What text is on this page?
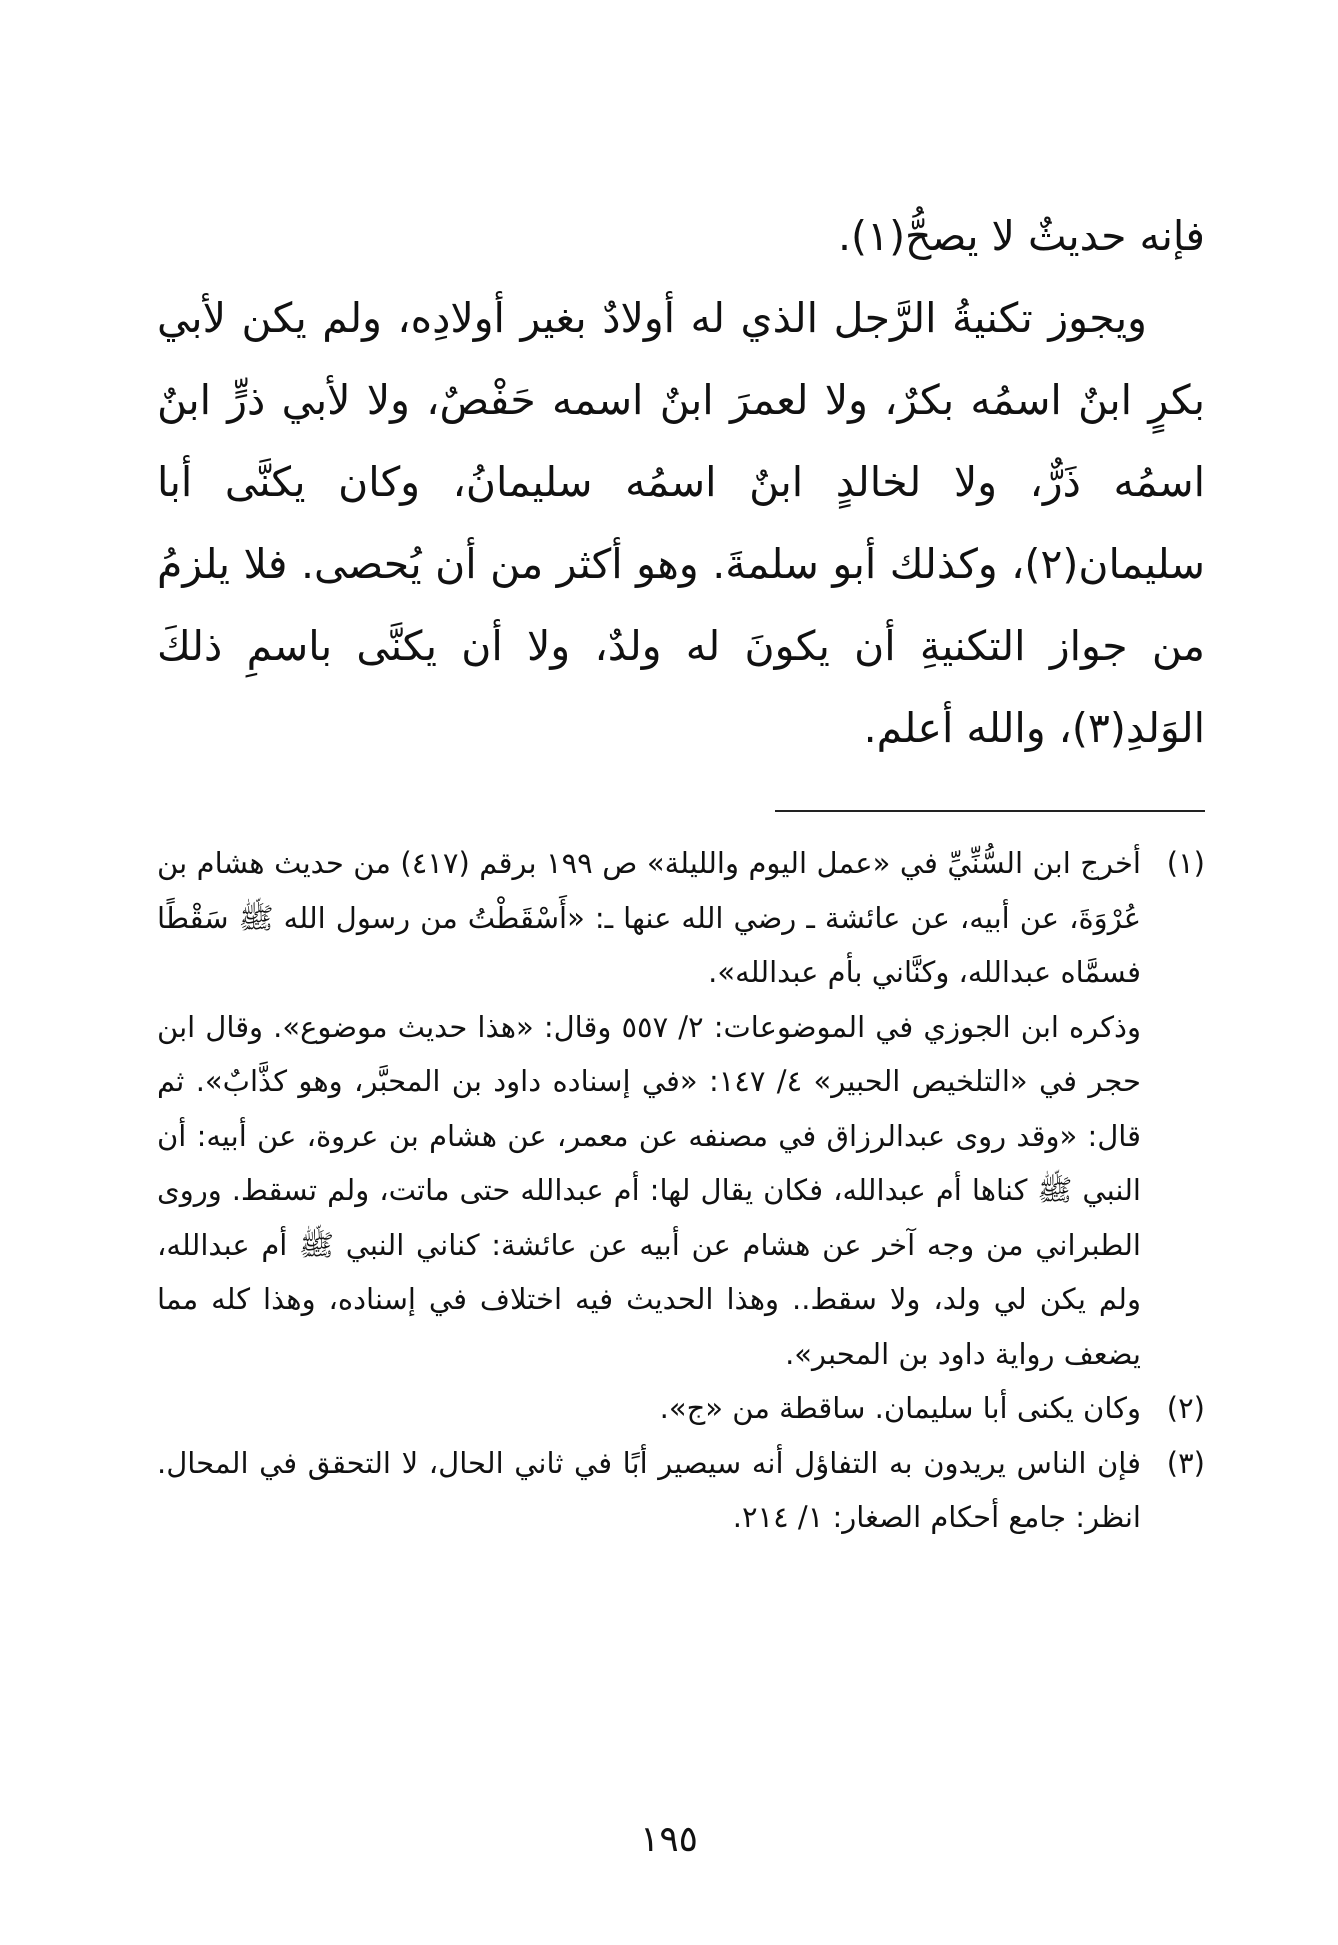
فإنه حديثٌ لا يصحُّ(١).

ويجوز تكنيةُ الرَّجل الذي له أولادٌ بغير أولادِه، ولم يكن لأبي بكرٍ ابنٌ اسمُه بكرٌ، ولا لعمرَ ابنٌ اسمه حَفْصٌ، ولا لأبي ذرٍّ ابنٌ اسمُه ذَرٌّ، ولا لخالدٍ ابنٌ اسمُه سليمانُ، وكان يكنَّى أبا سليمان(٢)، وكذلك أبو سلمةَ. وهو أكثر من أن يُحصى. فلا يلزمُ من جواز التكنيةِ أن يكونَ له ولدٌ، ولا أن يكنَّى باسمِ ذلكَ الوَلدِ(٣)، والله أعلم.

(١)

أخرج ابن السُّنِّيِّ في «عمل اليوم والليلة» ص ١٩٩ برقم (٤١٧) من حديث هشام بن عُرْوَةَ، عن أبيه، عن عائشة ـ رضي الله عنها ـ: «أَسْقَطْتُ من رسول الله ﷺ سَقْطًا فسمَّاه عبدالله، وكنَّاني بأم عبدالله».

وذكره ابن الجوزي في الموضوعات: ٢/ ٥٥٧ وقال: «هذا حديث موضوع». وقال ابن حجر في «التلخيص الحبير» ٤/ ١٤٧: «في إسناده داود بن المحبَّر، وهو كذَّابٌ». ثم قال: «وقد روى عبدالرزاق في مصنفه عن معمر، عن هشام بن عروة، عن أبيه: أن النبي ﷺ كناها أم عبدالله، فكان يقال لها: أم عبدالله حتى ماتت، ولم تسقط. وروى الطبراني من وجه آخر عن هشام عن أبيه عن عائشة: كناني النبي ﷺ أم عبدالله، ولم يكن لي ولد، ولا سقط.. وهذا الحديث فيه اختلاف في إسناده، وهذا كله مما يضعف رواية داود بن المحبر».

(٢)

وكان يكنى أبا سليمان. ساقطة من «ج».

(٣)

فإن الناس يريدون به التفاؤل أنه سيصير أبًا في ثاني الحال، لا التحقق في المحال. انظر: جامع أحكام الصغار: ١/ ٢١٤.

١٩٥
